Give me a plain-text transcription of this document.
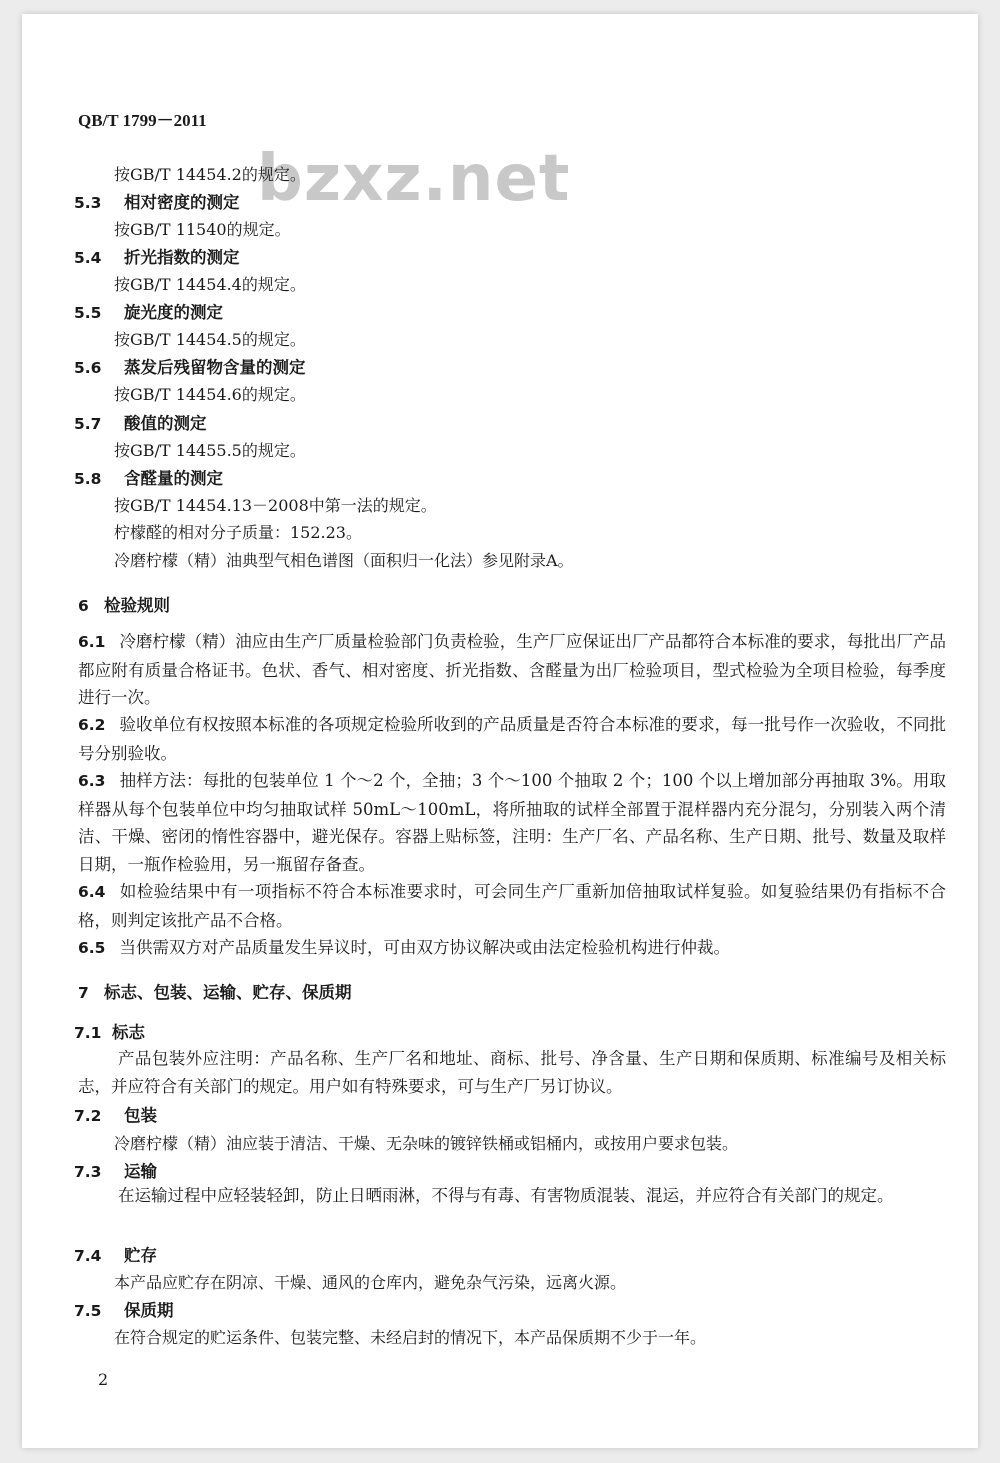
QB/T 1799－2011
bzxz.net
按GB/T 14454.2的规定。
5.3 相对密度的测定
按GB/T 11540的规定。
5.4 折光指数的测定
按GB/T 14454.4的规定。
5.5 旋光度的测定
按GB/T 14454.5的规定。
5.6 蒸发后残留物含量的测定
按GB/T 14454.6的规定。
5.7 酸值的测定
按GB/T 14455.5的规定。
5.8 含醛量的测定
按GB/T 14454.13－2008中第一法的规定。
柠檬醛的相对分子质量：152.23。
冷磨柠檬（精）油典型气相色谱图（面积归一化法）参见附录A。
6 检验规则
6.1 冷磨柠檬（精）油应由生产厂质量检验部门负责检验，生产厂应保证出厂产品都符合本标准的要求，每批出厂产品都应附有质量合格证书。色状、香气、相对密度、折光指数、含醛量为出厂检验项目，型式检验为全项目检验，每季度进行一次。
6.2 验收单位有权按照本标准的各项规定检验所收到的产品质量是否符合本标准的要求，每一批号作一次验收，不同批号分别验收。
6.3 抽样方法：每批的包装单位 1 个～2 个，全抽；3 个～100 个抽取 2 个；100 个以上增加部分再抽取 3%。用取样器从每个包装单位中均匀抽取试样 50mL～100mL，将所抽取的试样全部置于混样器内充分混匀，分别装入两个清洁、干燥、密闭的惰性容器中，避光保存。容器上贴标签，注明：生产厂名、产品名称、生产日期、批号、数量及取样日期，一瓶作检验用，另一瓶留存备查。
6.4 如检验结果中有一项指标不符合本标准要求时，可会同生产厂重新加倍抽取试样复验。如复验结果仍有指标不合格，则判定该批产品不合格。
6.5 当供需双方对产品质量发生异议时，可由双方协议解决或由法定检验机构进行仲裁。
7 标志、包装、运输、贮存、保质期
7.1 标志
产品包装外应注明：产品名称、生产厂名和地址、商标、批号、净含量、生产日期和保质期、标准编号及相关标志，并应符合有关部门的规定。用户如有特殊要求，可与生产厂另订协议。
7.2 包装
冷磨柠檬（精）油应装于清洁、干燥、无杂味的镀锌铁桶或铝桶内，或按用户要求包装。
7.3 运输
在运输过程中应轻装轻卸，防止日晒雨淋，不得与有毒、有害物质混装、混运，并应符合有关部门的规定。
7.4 贮存
本产品应贮存在阴凉、干燥、通风的仓库内，避免杂气污染，远离火源。
7.5 保质期
在符合规定的贮运条件、包装完整、未经启封的情况下，本产品保质期不少于一年。
2
